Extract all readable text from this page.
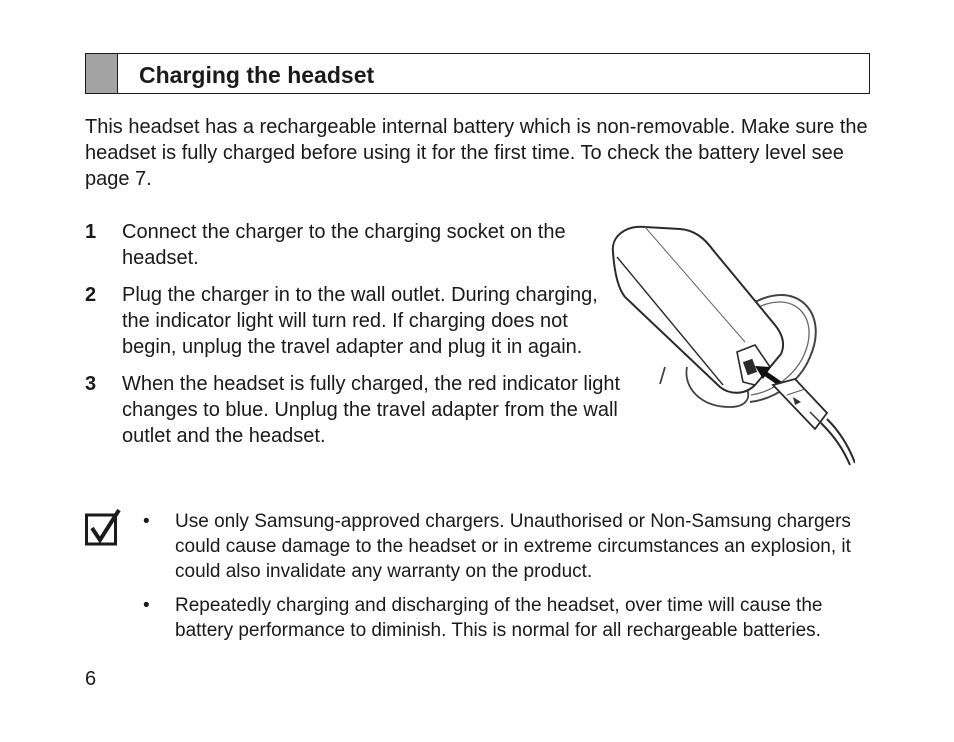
Charging the headset

This headset has a rechargeable internal battery which is non-removable. Make sure the headset is fully charged before using it for the first time. To check the battery level see page 7.

1 Connect the charger to the charging socket on the headset.
2 Plug the charger in to the wall outlet. During charging, the indicator light will turn red. If charging does not begin, unplug the travel adapter and plug it in again.
3 When the headset is fully charged, the red indicator light changes to blue. Unplug the travel adapter from the wall outlet and the headset.
• Use only Samsung-approved chargers. Unauthorised or Non-Samsung chargers could cause damage to the headset or in extreme circumstances an explosion, it could also invalidate any warranty on the product.
• Repeatedly charging and discharging of the headset, over time will cause the battery performance to diminish. This is normal for all rechargeable batteries.
6
